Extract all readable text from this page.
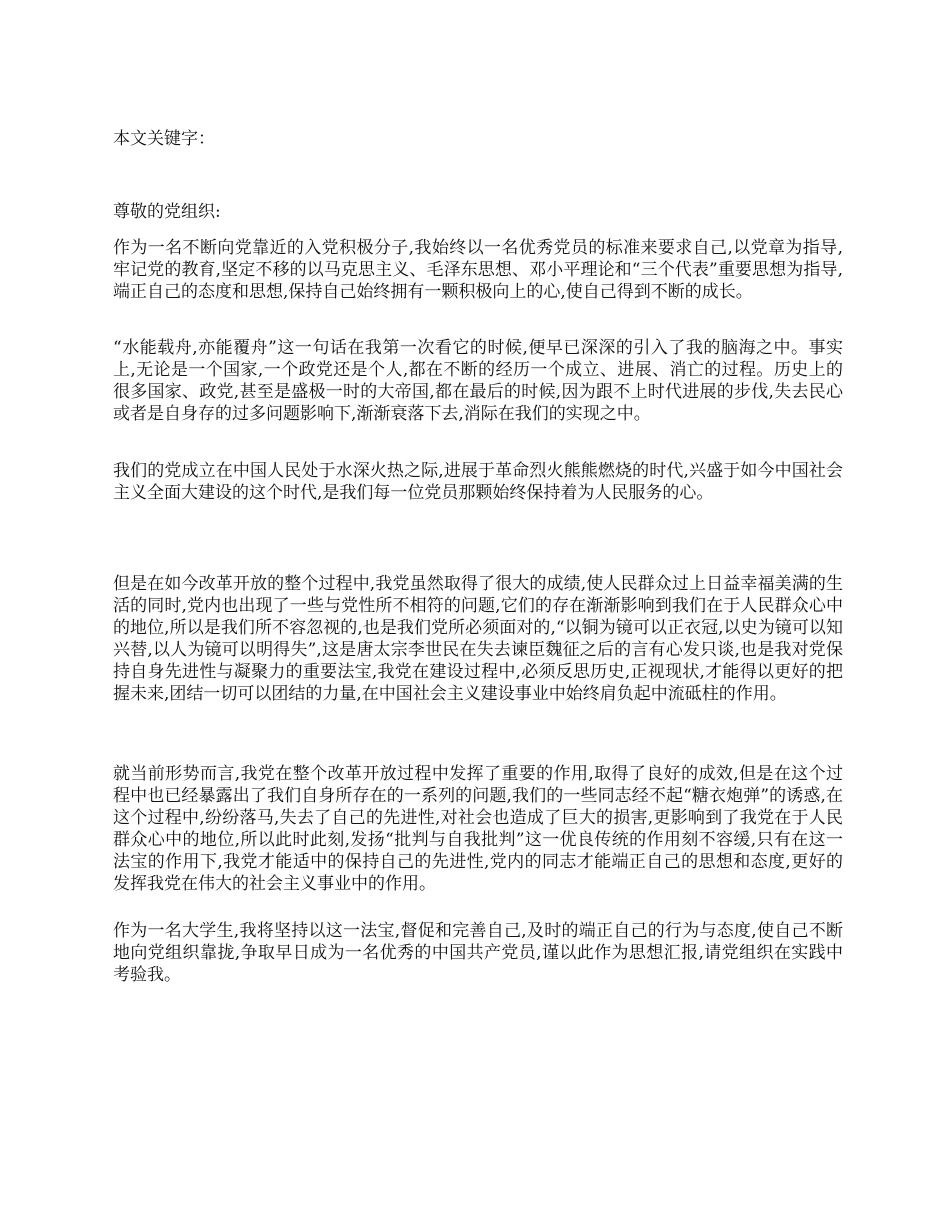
本文关键字：

尊敬的党组织:

作为一名不断向党靠近的入党积极分子,我始终以一名优秀党员的标准来要求自己,以党章为指导,牢记党的教育,坚定不移的以马克思主义、毛泽东思想、邓小平理论和“三个代表”重要思想为指导,端正自己的态度和思想,保持自己始终拥有一颗积极向上的心,使自己得到不断的成长。

“水能载舟,亦能覆舟”这一句话在我第一次看它的时候,便早已深深的引入了我的脑海之中。事实上,无论是一个国家,一个政党还是个人,都在不断的经历一个成立、进展、消亡的过程。历史上的很多国家、政党,甚至是盛极一时的大帝国,都在最后的时候,因为跟不上时代进展的步伐,失去民心或者是自身存的过多问题影响下,渐渐衰落下去,消际在我们的实现之中。

我们的党成立在中国人民处于水深火热之际,进展于革命烈火熊熊燃烧的时代,兴盛于如今中国社会主义全面大建设的这个时代,是我们每一位党员那颗始终保持着为人民服务的心。

但是在如今改革开放的整个过程中,我党虽然取得了很大的成绩,使人民群众过上日益幸福美满的生活的同时,党内也出现了一些与党性所不相符的问题,它们的存在渐渐影响到我们在于人民群众心中的地位,所以是我们所不容忽视的,也是我们党所必须面对的,“以铜为镜可以正衣冠,以史为镜可以知兴替,以人为镜可以明得失”,这是唐太宗李世民在失去谏臣魏征之后的言有心发只谈,也是我对党保持自身先进性与凝聚力的重要法宝,我党在建设过程中,必须反思历史,正视现状,才能得以更好的把握未来,团结一切可以团结的力量,在中国社会主义建设事业中始终肩负起中流砥柱的作用。

就当前形势而言,我党在整个改革开放过程中发挥了重要的作用,取得了良好的成效,但是在这个过程中也已经暴露出了我们自身所存在的一系列的问题,我们的一些同志经不起“糖衣炮弹”的诱惑,在这个过程中,纷纷落马,失去了自己的先进性,对社会也造成了巨大的损害,更影响到了我党在于人民群众心中的地位,所以此时此刻,发扬“批判与自我批判”这一优良传统的作用刻不容缓,只有在这一法宝的作用下,我党才能适中的保持自己的先进性,党内的同志才能端正自己的思想和态度,更好的发挥我党在伟大的社会主义事业中的作用。

作为一名大学生,我将坚持以这一法宝,督促和完善自己,及时的端正自己的行为与态度,使自己不断地向党组织靠拢,争取早日成为一名优秀的中国共产党员,谨以此作为思想汇报,请党组织在实践中考验我。
